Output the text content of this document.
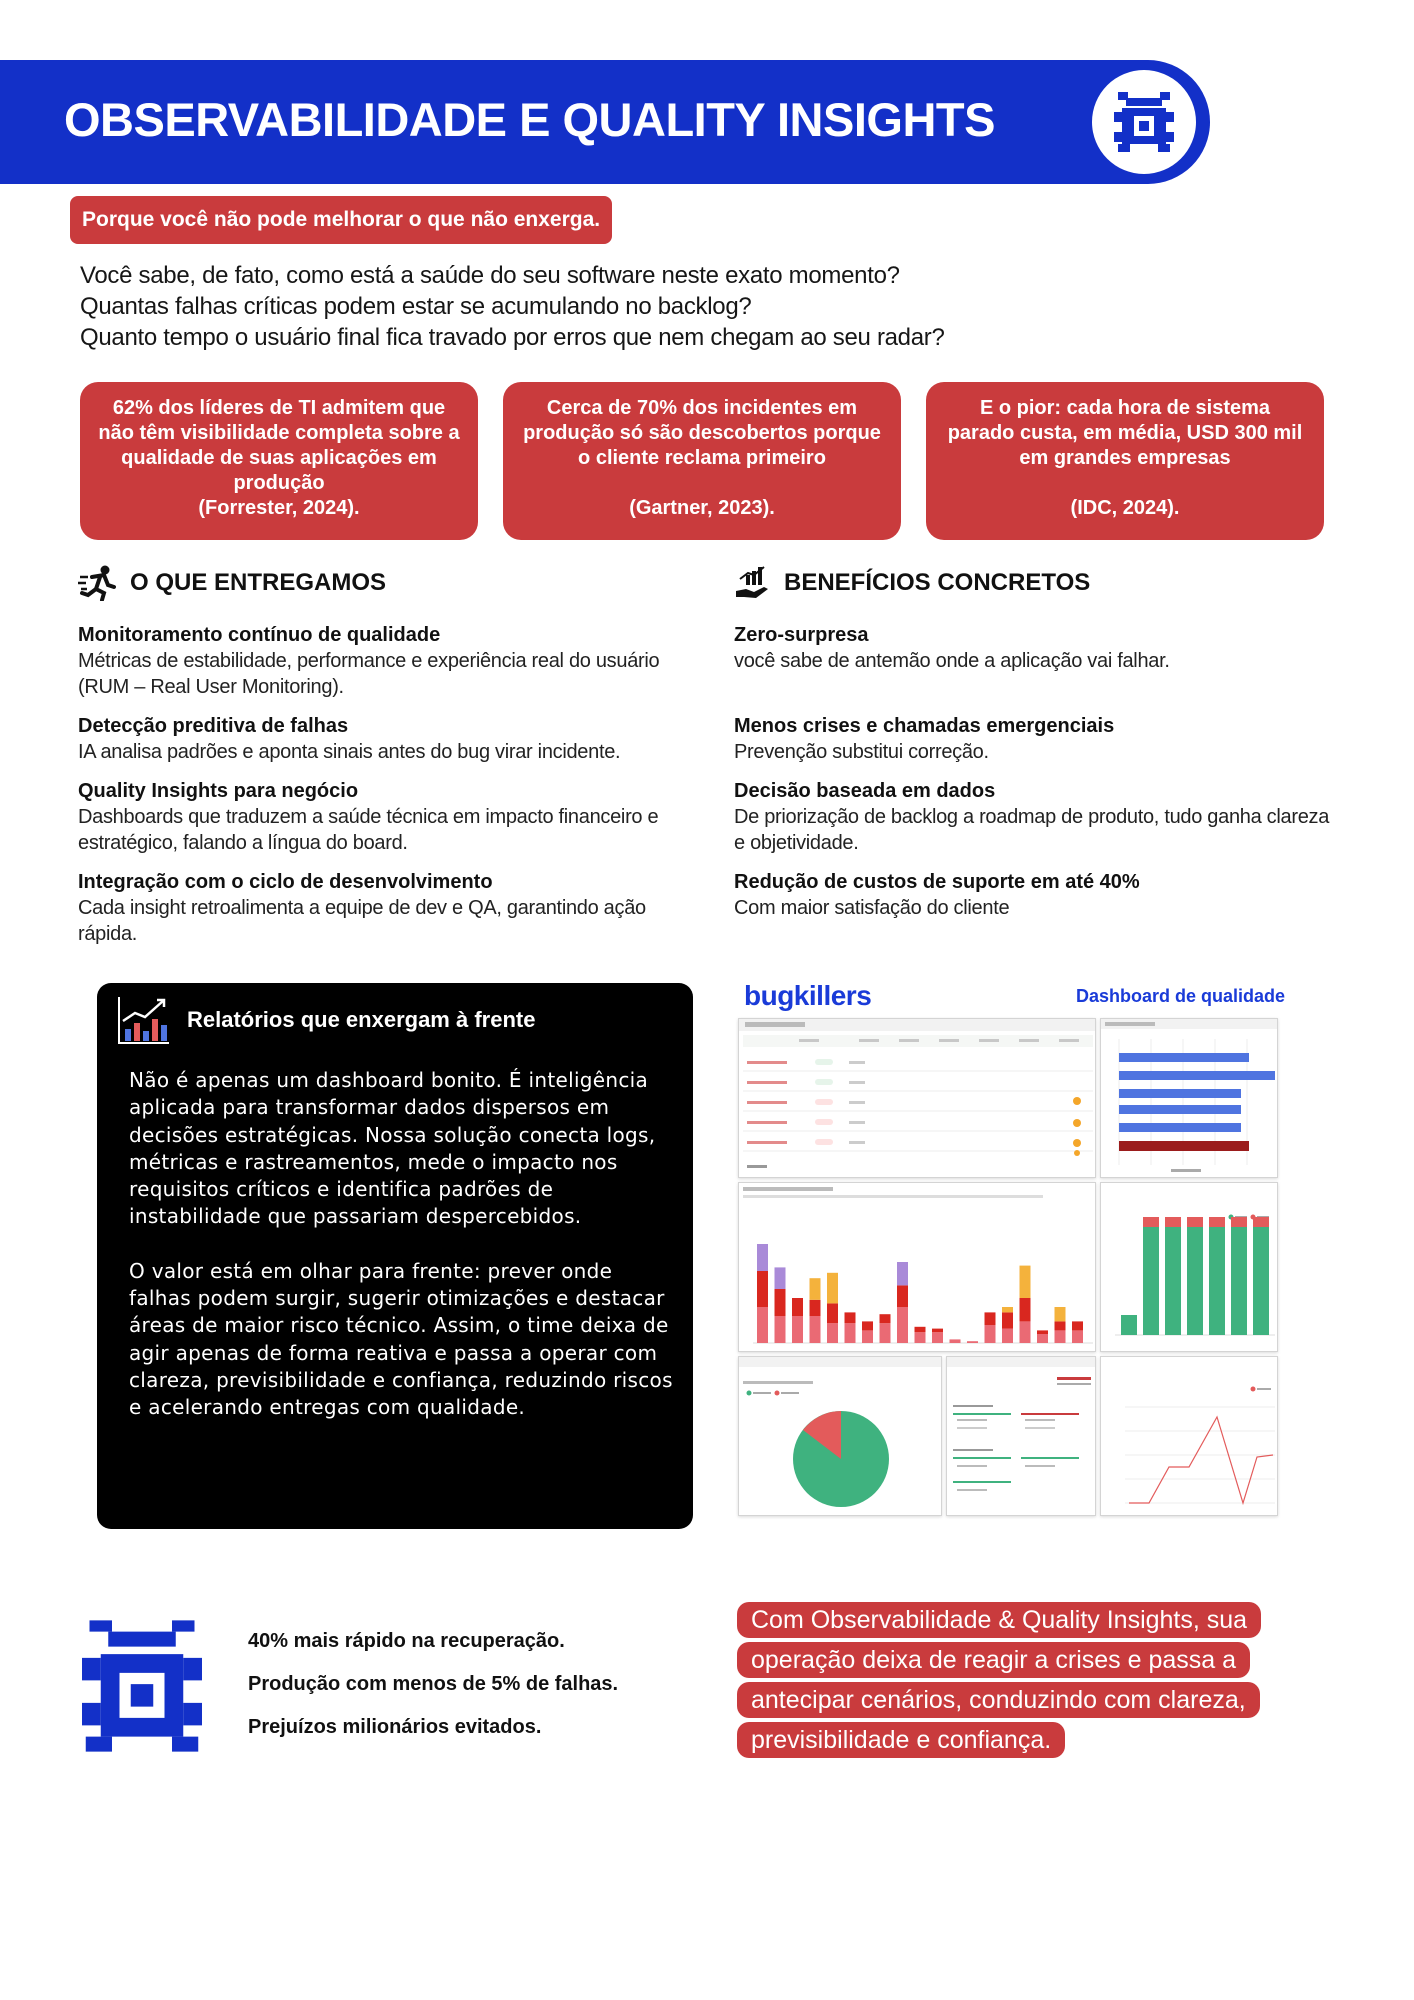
OBSERVABILIDADE E QUALITY INSIGHTS
Porque você não pode melhorar o que não enxerga.
Você sabe, de fato, como está a saúde do seu software neste exato momento?
Quantas falhas críticas podem estar se acumulando no backlog?
Quanto tempo o usuário final fica travado por erros que nem chegam ao seu radar?
62% dos líderes de TI admitem que não têm visibilidade completa sobre a qualidade de suas aplicações em produção
(Forrester, 2024).
Cerca de 70% dos incidentes em produção só são descobertos porque o cliente reclama primeiro
(Gartner, 2023).
E o pior: cada hora de sistema parado custa, em média, USD 300 mil em grandes empresas
(IDC, 2024).
O QUE ENTREGAMOS	BENEFÍCIOS CONCRETOS
Monitoramento contínuo de qualidade
Métricas de estabilidade, performance e experiência real do usuário (RUM – Real User Monitoring).
Detecção preditiva de falhas
IA analisa padrões e aponta sinais antes do bug virar incidente.
Quality Insights para negócio
Dashboards que traduzem a saúde técnica em impacto financeiro e estratégico, falando a língua do board.
Integração com o ciclo de desenvolvimento
Cada insight retroalimenta a equipe de dev e QA, garantindo ação rápida.
Zero-surpresa
você sabe de antemão onde a aplicação vai falhar.
Menos crises e chamadas emergenciais
Prevenção substitui correção.
Decisão baseada em dados
De priorização de backlog a roadmap de produto, tudo ganha clareza e objetividade.
Redução de custos de suporte em até 40%
Com maior satisfação do cliente
Relatórios que enxergam à frente

Não é apenas um dashboard bonito. É inteligência aplicada para transformar dados dispersos em decisões estratégicas. Nossa solução conecta logs, métricas e rastreamentos, mede o impacto nos requisitos críticos e identifica padrões de instabilidade que passariam despercebidos.

O valor está em olhar para frente: prever onde falhas podem surgir, sugerir otimizações e destacar áreas de maior risco técnico. Assim, o time deixa de agir apenas de forma reativa e passa a operar com clareza, previsibilidade e confiança, reduzindo riscos e acelerando entregas com qualidade.

bugkillers	Dashboard de qualidade
40% mais rápido na recuperação.
Produção com menos de 5% de falhas.
Prejuízos milionários evitados.
Com Observabilidade & Quality Insights, sua operação deixa de reagir a crises e passa a antecipar cenários, conduzindo com clareza, previsibilidade e confiança.
